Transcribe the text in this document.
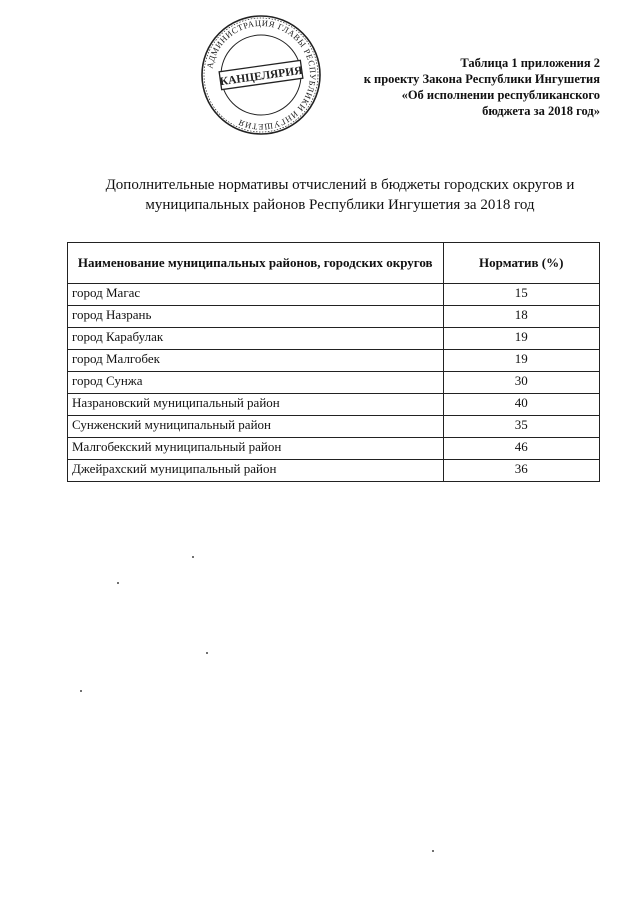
АДМИНИСТРАЦИЯ ГЛАВЫ РЕСПУБЛИКИ ИНГУШЕТИЯ
КАНЦЕЛЯРИЯ
Таблица 1 приложения 2
к проекту Закона Республики Ингушетия
«Об исполнении республиканского
бюджета за 2018 год»
Дополнительные нормативы отчислений в бюджеты городских округов и
муниципальных районов Республики Ингушетия за 2018 год
Наименование муниципальных районов, городских округов	Норматив (%)
город Магас	15
город Назрань	18
город Карабулак	19
город Малгобек	19
город Сунжа	30
Назрановский муниципальный район	40
Сунженский муниципальный район	35
Малгобекский муниципальный район	46
Джейрахский муниципальный район	36
